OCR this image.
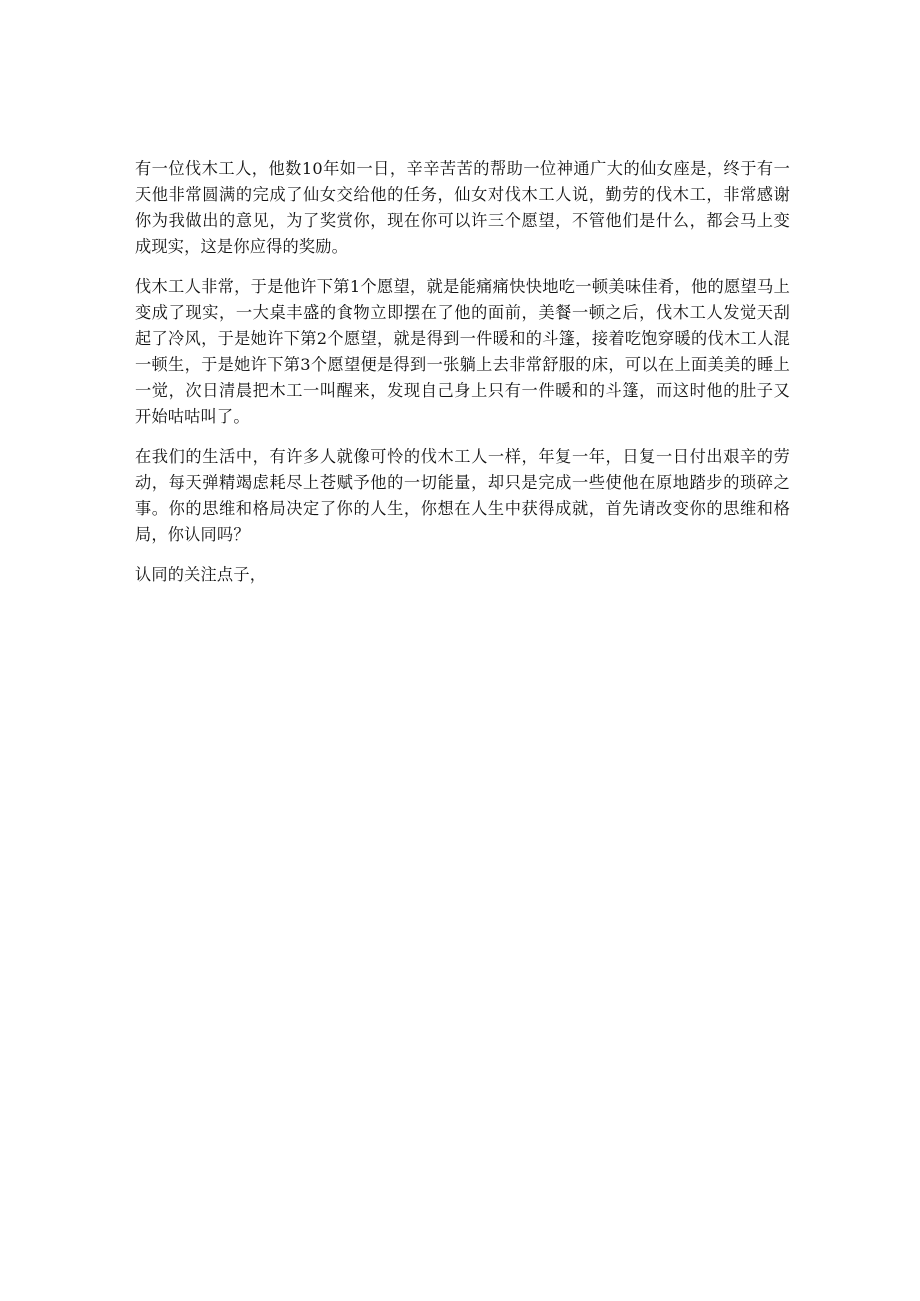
有一位伐木工人，他数10年如一日，辛辛苦苦的帮助一位神通广大的仙女座是，终于有一天他非常圆满的完成了仙女交给他的任务，仙女对伐木工人说，勤劳的伐木工，非常感谢你为我做出的意见，为了奖赏你，现在你可以许三个愿望，不管他们是什么，都会马上变成现实，这是你应得的奖励。

伐木工人非常，于是他许下第1个愿望，就是能痛痛快快地吃一顿美味佳肴，他的愿望马上变成了现实，一大桌丰盛的食物立即摆在了他的面前，美餐一顿之后，伐木工人发觉天刮起了冷风，于是她许下第2个愿望，就是得到一件暖和的斗篷，接着吃饱穿暖的伐木工人混一顿生，于是她许下第3个愿望便是得到一张躺上去非常舒服的床，可以在上面美美的睡上一觉，次日清晨把木工一叫醒来，发现自己身上只有一件暖和的斗篷，而这时他的肚子又开始咕咕叫了。

在我们的生活中，有许多人就像可怜的伐木工人一样，年复一年，日复一日付出艰辛的劳动，每天弹精竭虑耗尽上苍赋予他的一切能量，却只是完成一些使他在原地踏步的琐碎之事。你的思维和格局决定了你的人生，你想在人生中获得成就，首先请改变你的思维和格局，你认同吗？

认同的关注点子，
